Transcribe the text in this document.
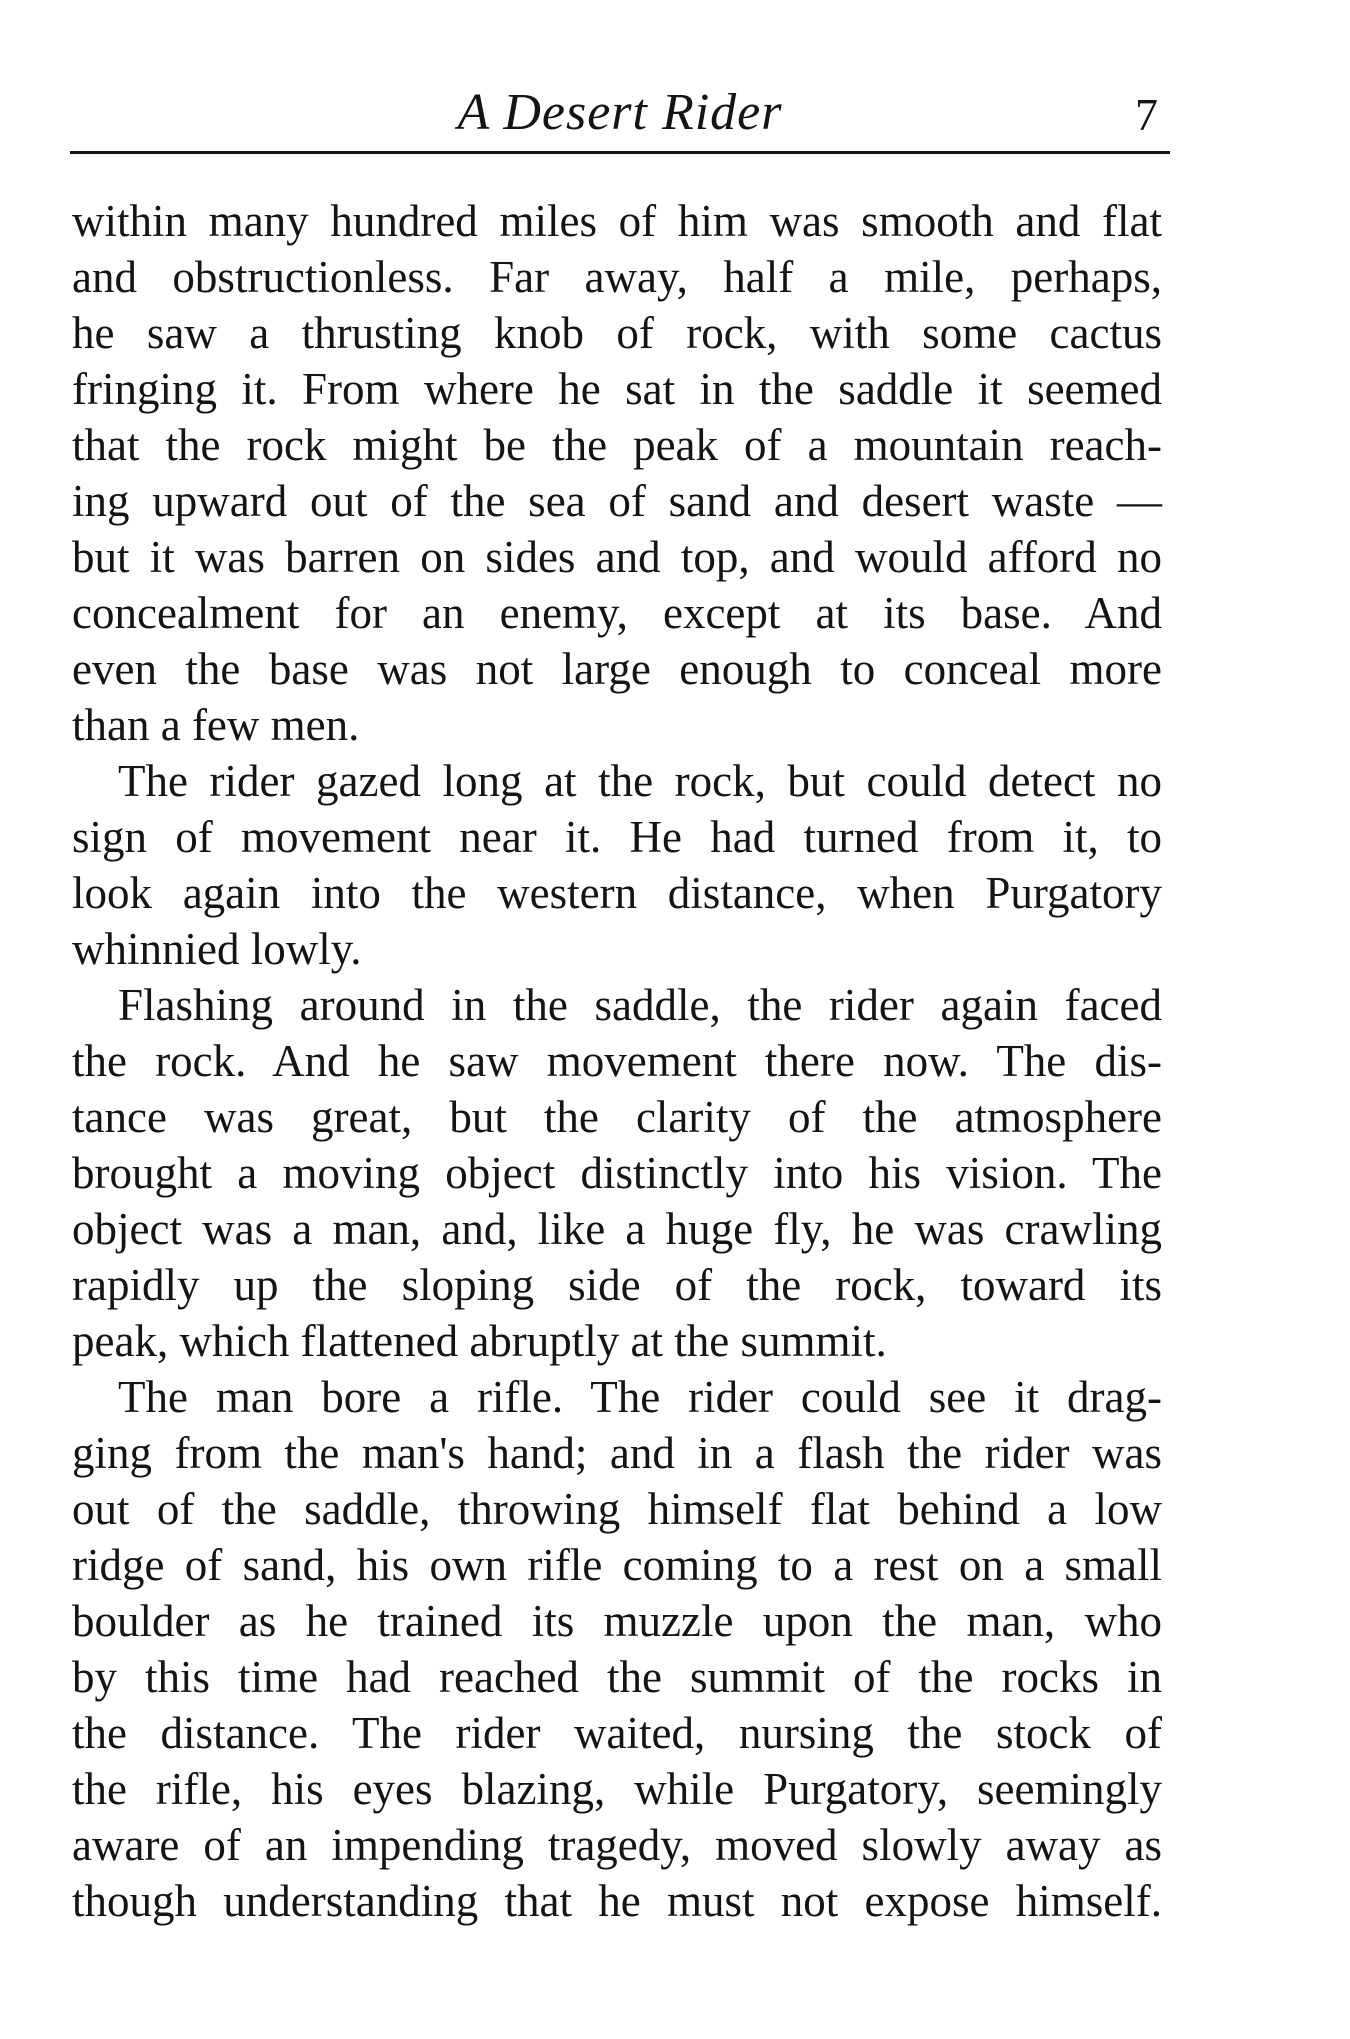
A Desert Rider	7
within many hundred miles of him was smooth and flat
and obstructionless. Far away, half a mile, perhaps,
he saw a thrusting knob of rock, with some cactus
fringing it. From where he sat in the saddle it seemed
that the rock might be the peak of a mountain reach-
ing upward out of the sea of sand and desert waste —
but it was barren on sides and top, and would afford no
concealment for an enemy, except at its base. And
even the base was not large enough to conceal more
than a few men.
The rider gazed long at the rock, but could detect no
sign of movement near it. He had turned from it, to
look again into the western distance, when Purgatory
whinnied lowly.
Flashing around in the saddle, the rider again faced
the rock. And he saw movement there now. The dis-
tance was great, but the clarity of the atmosphere
brought a moving object distinctly into his vision. The
object was a man, and, like a huge fly, he was crawling
rapidly up the sloping side of the rock, toward its
peak, which flattened abruptly at the summit.
The man bore a rifle. The rider could see it drag-
ging from the man's hand; and in a flash the rider was
out of the saddle, throwing himself flat behind a low
ridge of sand, his own rifle coming to a rest on a small
boulder as he trained its muzzle upon the man, who
by this time had reached the summit of the rocks in
the distance. The rider waited, nursing the stock of
the rifle, his eyes blazing, while Purgatory, seemingly
aware of an impending tragedy, moved slowly away as
though understanding that he must not expose himself.
